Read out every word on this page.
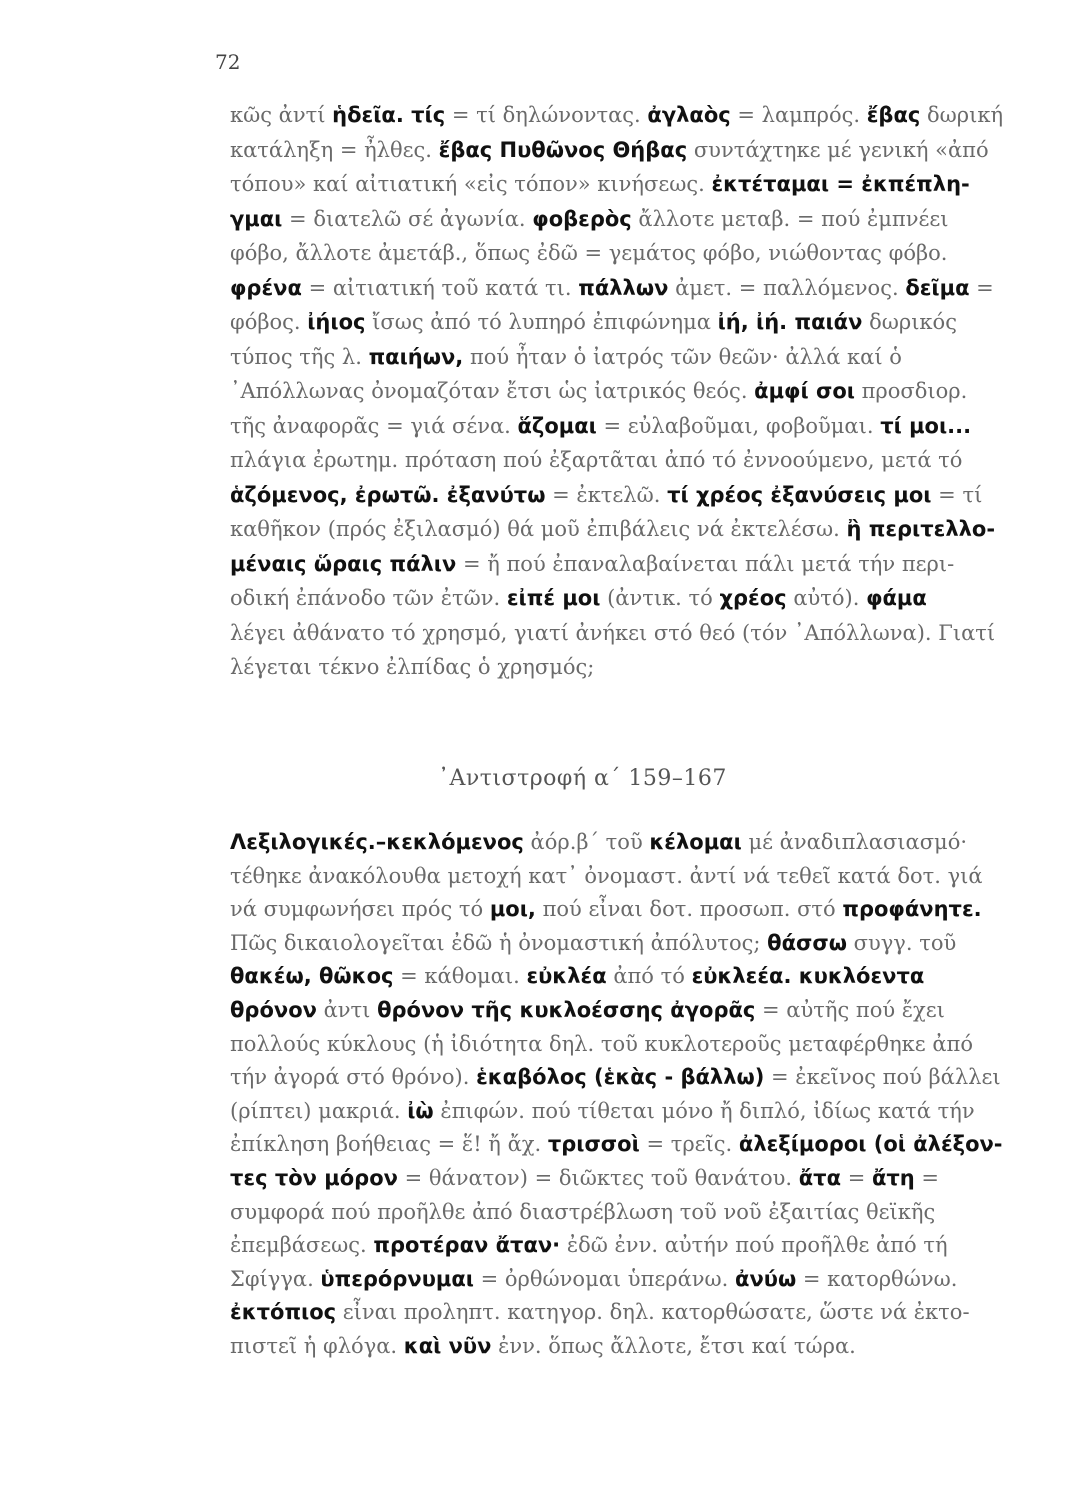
72
κῶς ἀντί ἡδεῖα. τίς = τί δηλώνοντας. ἀγλαὸς = λαμπρός. ἔβας δωρική
κατάληξη = ἦλθες. ἔβας Πυθῶνος Θήβας συντάχτηκε μέ γενική «ἀπό
τόπου» καί αἰτιατική «εἰς τόπον» κινήσεως. ἐκτέταμαι = ἐκπέπλη-
γμαι = διατελῶ σέ ἀγωνία. φοβερὸς ἄλλοτε μεταβ. = πού ἐμπνέει
φόβο, ἄλλοτε ἀμετάβ., ὅπως ἐδῶ = γεμάτος φόβο, νιώθοντας φόβο.
φρένα = αἰτιατική τοῦ κατά τι. πάλλων ἀμετ. = παλλόμενος. δεῖμα =
φόβος. ἰήιος ἴσως ἀπό τό λυπηρό ἐπιφώνημα ἰή, ἰή. παιάν δωρικός
τύπος τῆς λ. παιήων, πού ἦταν ὁ ἰατρός τῶν θεῶν· ἀλλά καί ὁ
᾿Απόλλωνας ὀνομαζόταν ἔτσι ὡς ἰατρικός θεός. ἀμφί σοι προσδιορ.
τῆς ἀναφορᾶς = γιά σένα. ἅζομαι = εὐλαβοῦμαι, φοβοῦμαι. τί μοι...
πλάγια ἐρωτημ. πρόταση πού ἐξαρτᾶται ἀπό τό ἐννοούμενο, μετά τό
ἁζόμενος, ἐρωτῶ. ἐξανύτω = ἐκτελῶ. τί χρέος ἐξανύσεις μοι = τί
καθῆκον (πρός ἐξιλασμό) θά μοῦ ἐπιβάλεις νά ἐκτελέσω. ἢ περιτελλο-
μέναις ὥραις πάλιν = ἤ πού ἐπαναλαβαίνεται πάλι μετά τήν περι-
οδική ἐπάνοδο τῶν ἐτῶν. εἰπέ μοι (ἀντικ. τό χρέος αὐτό). φάμα
λέγει ἀθάνατο τό χρησμό, γιατί ἀνήκει στό θεό (τόν ᾿Απόλλωνα). Γιατί
λέγεται τέκνο ἐλπίδας ὁ χρησμός;
᾿Αντιστροφή α΄ 159–167
Λεξιλογικές.–κεκλόμενος ἀόρ.β΄ τοῦ κέλομαι μέ ἀναδιπλασιασμό·
τέθηκε ἀνακόλουθα μετοχή κατ᾿ ὀνομαστ. ἀντί νά τεθεῖ κατά δοτ. γιά
νά συμφωνήσει πρός τό μοι, πού εἶναι δοτ. προσωπ. στό προφάνητε.
Πῶς δικαιολογεῖται ἐδῶ ἡ ὀνομαστική ἀπόλυτος; θάσσω συγγ. τοῦ
θακέω, θῶκος = κάθομαι. εὐκλέα ἀπό τό εὐκλεέα. κυκλόεντα
θρόνον ἀντι θρόνον τῆς κυκλοέσσης ἀγορᾶς = αὐτῆς πού ἔχει
πολλούς κύκλους (ἡ ἰδιότητα δηλ. τοῦ κυκλοτεροῦς μεταφέρθηκε ἀπό
τήν ἀγορά στό θρόνο). ἑκαβόλος (ἑκὰς - βάλλω) = ἐκεῖνος πού βάλλει
(ρίπτει) μακριά. ἰὼ ἐπιφών. πού τίθεται μόνο ἤ διπλό, ἰδίως κατά τήν
ἐπίκληση βοήθειας = ἕ! ἤ ἄχ. τρισσοὶ = τρεῖς. ἀλεξίμοροι (οἱ ἀλέξον-
τες τὸν μόρον = θάνατον) = διῶκτες τοῦ θανάτου. ἄτα = ἄτη =
συμφορά πού προῆλθε ἀπό διαστρέβλωση τοῦ νοῦ ἐξαιτίας θεϊκῆς
ἐπεμβάσεως. προτέραν ἄταν· ἐδῶ ἐνν. αὐτήν πού προῆλθε ἀπό τή
Σφίγγα. ὑπερόρνυμαι = ὀρθώνομαι ὑπεράνω. ἀνύω = κατορθώνω.
ἐκτόπιος εἶναι προληπτ. κατηγορ. δηλ. κατορθώσατε, ὥστε νά ἐκτο-
πιστεῖ ἡ φλόγα. καὶ νῦν ἐνν. ὅπως ἄλλοτε, ἔτσι καί τώρα.
